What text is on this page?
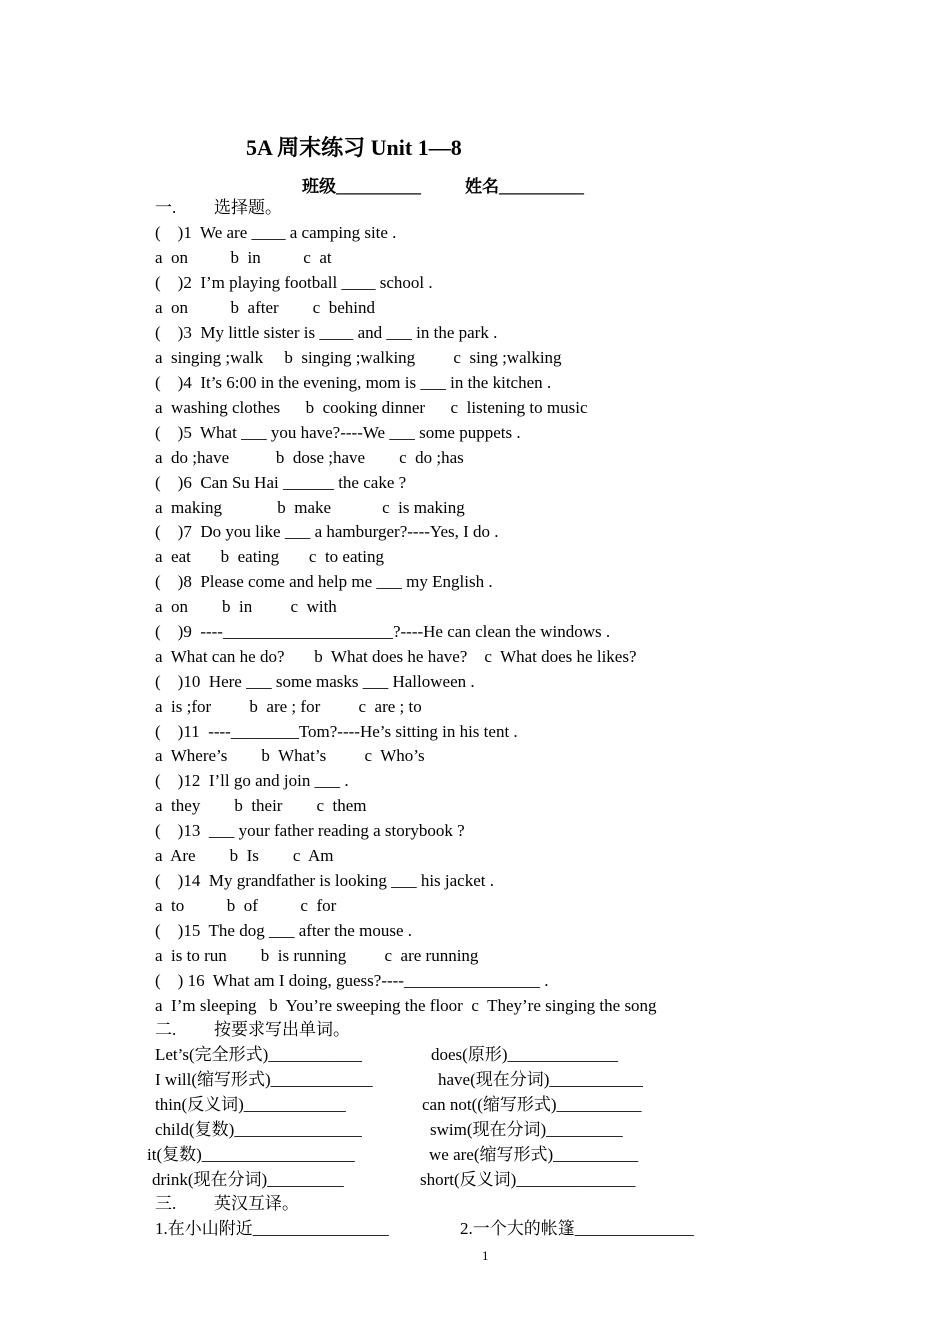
5A 周末练习 Unit 1—8
班级__________	姓名__________
一. 选择题。
(    )1  We are ____ a camping site .
a  on          b  in          c  at
(    )2  I’m playing football ____ school .
a  on          b  after        c  behind
(    )3  My little sister is ____ and ___ in the park .
a  singing ;walk     b  singing ;walking         c  sing ;walking
(    )4  It’s 6:00 in the evening, mom is ___ in the kitchen .
a  washing clothes      b  cooking dinner      c  listening to music
(    )5  What ___ you have?----We ___ some puppets .
a  do ;have           b  dose ;have        c  do ;has
(    )6  Can Su Hai ______ the cake ?
a  making             b  make            c  is making
(    )7  Do you like ___ a hamburger?----Yes, I do .
a  eat       b  eating       c  to eating
(    )8  Please come and help me ___ my English .
a  on        b  in         c  with
(    )9  ----____________________?----He can clean the windows .
a  What can he do?       b  What does he have?    c  What does he likes?
(    )10  Here ___ some masks ___ Halloween .
a  is ;for         b  are ; for         c  are ; to
(    )11  ----________Tom?----He’s sitting in his tent .
a  Where’s        b  What’s         c  Who’s
(    )12  I’ll go and join ___ .
a  they        b  their        c  them
(    )13  ___ your father reading a storybook ?
a  Are        b  Is        c  Am
(    )14  My grandfather is looking ___ his jacket .
a  to          b  of          c  for
(    )15  The dog ___ after the mouse .
a  is to run        b  is running         c  are running
(    ) 16  What am I doing, guess?----________________ .
a  I’m sleeping   b  You’re sweeping the floor  c  They’re singing the song
二. 按要求写出单词。
Let’s(完全形式)___________	does(原形)_____________
I will(缩写形式)____________	have(现在分词)___________
thin(反义词)____________	can not((缩写形式)__________
child(复数)_______________	swim(现在分词)_________
it(复数)__________________	we are(缩写形式)__________
drink(现在分词)_________	short(反义词)______________
三. 英汉互译。
1.在小山附近________________	2.一个大的帐篷______________
1
